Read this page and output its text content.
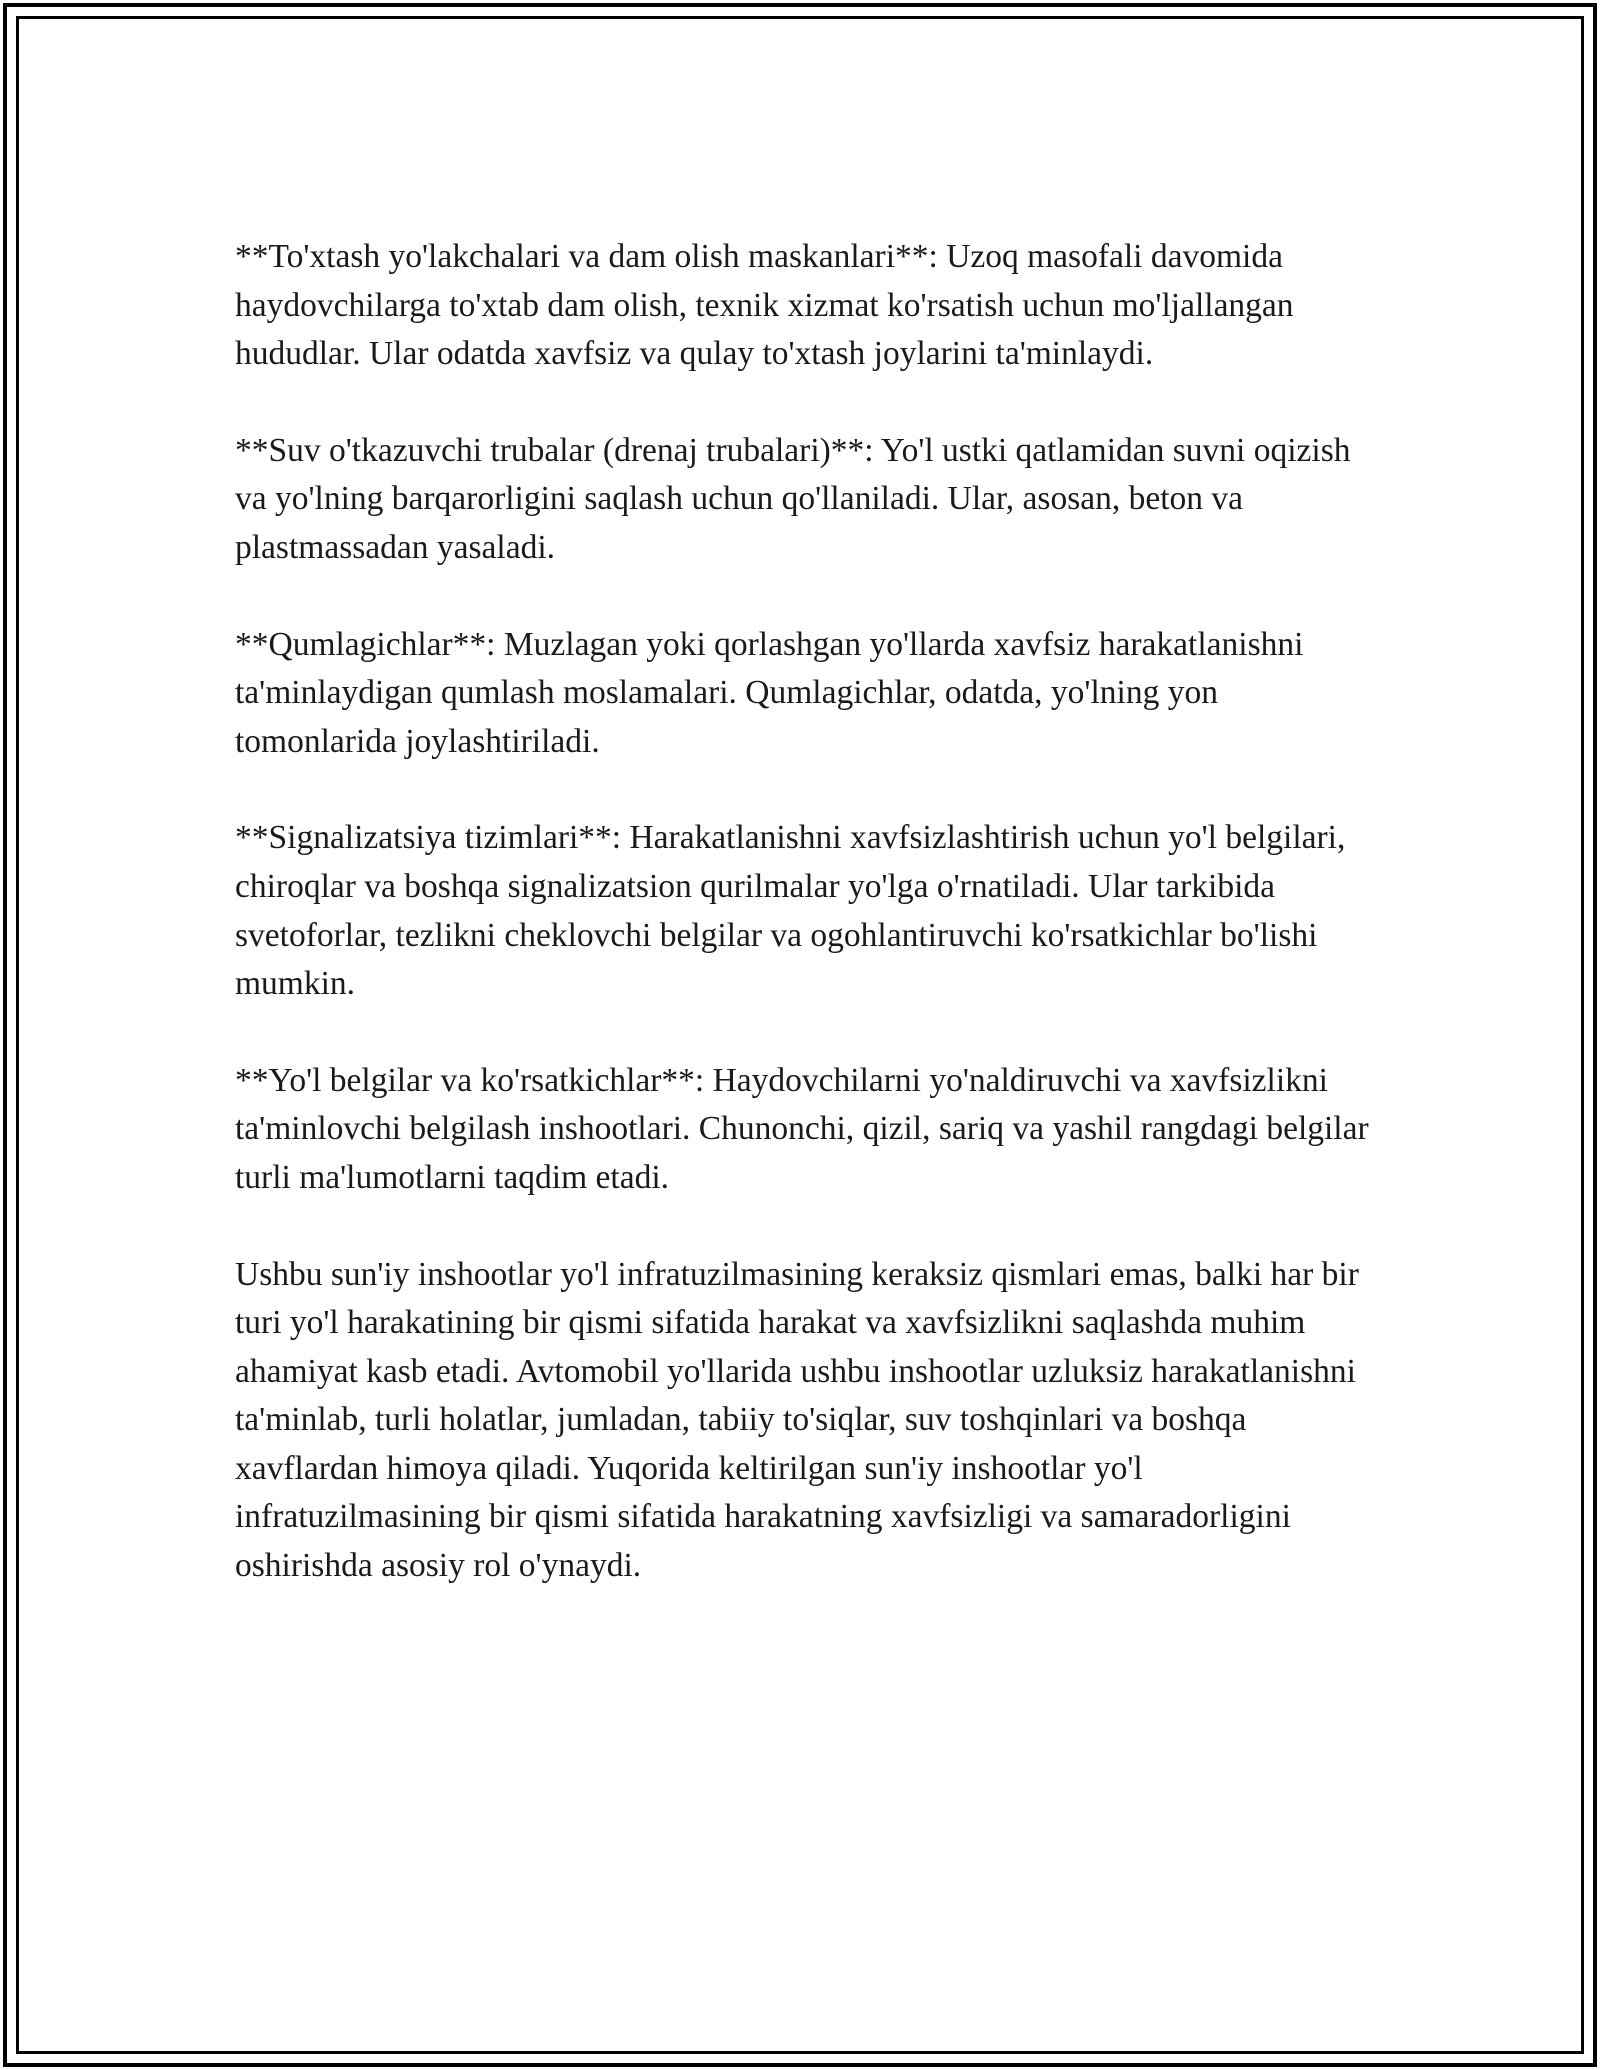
**To'xtash yo'lakchalari va dam olish maskanlari**: Uzoq masofali davomida haydovchilarga to'xtab dam olish, texnik xizmat ko'rsatish uchun mo'ljallangan hududlar. Ular odatda xavfsiz va qulay to'xtash joylarini ta'minlaydi.

**Suv o'tkazuvchi trubalar (drenaj trubalari)**: Yo'l ustki qatlamidan suvni oqizish va yo'lning barqarorligini saqlash uchun qo'llaniladi. Ular, asosan, beton va plastmassadan yasaladi.

**Qumlagichlar**: Muzlagan yoki qorlashgan yo'llarda xavfsiz harakatlanishni ta'minlaydigan qumlash moslamalari. Qumlagichlar, odatda, yo'lning yon tomonlarida joylashtiriladi.

**Signalizatsiya tizimlari**: Harakatlanishni xavfsizlashtirish uchun yo'l belgilari, chiroqlar va boshqa signalizatsion qurilmalar yo'lga o'rnatiladi. Ular tarkibida svetoforlar, tezlikni cheklovchi belgilar va ogohlantiruvchi ko'rsatkichlar bo'lishi mumkin.

**Yo'l belgilar va ko'rsatkichlar**: Haydovchilarni yo'naldiruvchi va xavfsizlikni ta'minlovchi belgilash inshootlari. Chunonchi, qizil, sariq va yashil rangdagi belgilar turli ma'lumotlarni taqdim etadi.

Ushbu sun'iy inshootlar yo'l infratuzilmasining keraksiz qismlari emas, balki har bir turi yo'l harakatining bir qismi sifatida harakat va xavfsizlikni saqlashda muhim ahamiyat kasb etadi. Avtomobil yo'llarida ushbu inshootlar uzluksiz harakatlanishni ta'minlab, turli holatlar, jumladan, tabiiy to'siqlar, suv toshqinlari va boshqa xavflardan himoya qiladi. Yuqorida keltirilgan sun'iy inshootlar yo'l infratuzilmasining bir qismi sifatida harakatning xavfsizligi va samaradorligini oshirishda asosiy rol o'ynaydi.
